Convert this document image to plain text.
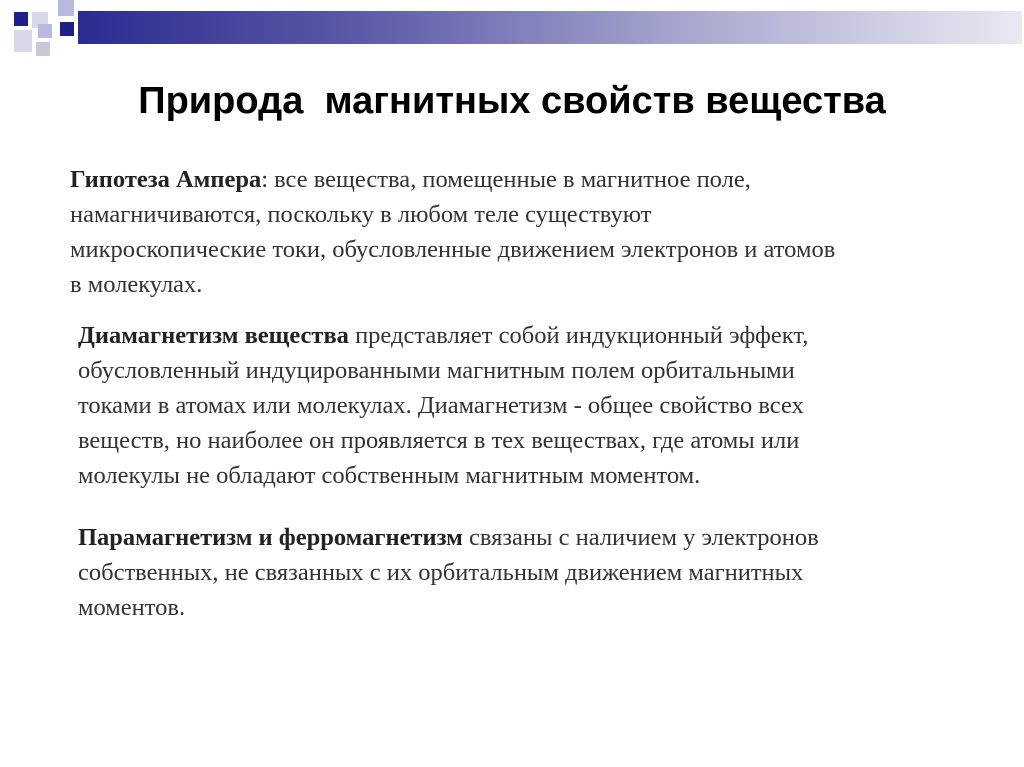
Природа  магнитных свойств вещества

Гипотеза Ампера: все вещества, помещенные в магнитное поле,
намагничиваются, поскольку в любом теле существуют
микроскопические токи, обусловленные движением электронов и атомов
в молекулах.

Диамагнетизм вещества представляет собой индукционный эффект,
обусловленный индуцированными магнитным полем орбитальными
токами в атомах или молекулах. Диамагнетизм - общее свойство всех
веществ, но наиболее он проявляется в тех веществах, где атомы или
молекулы не обладают собственным магнитным моментом.

Парамагнетизм и ферромагнетизм связаны с наличием у электронов
собственных, не связанных с их орбитальным движением магнитных
моментов.
